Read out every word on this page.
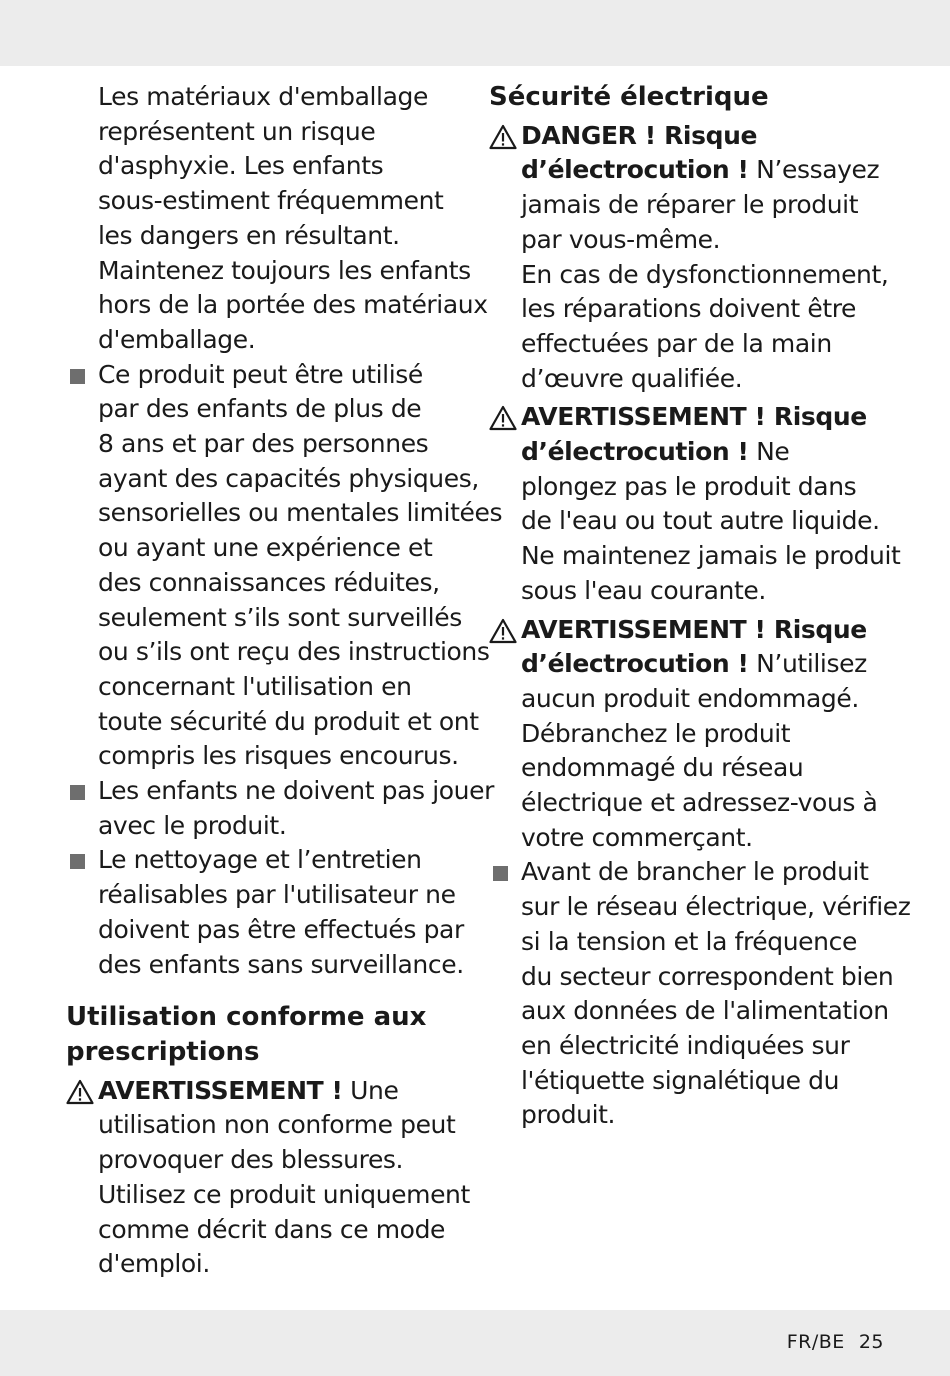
Les matériaux d'emballage
représentent un risque
d'asphyxie. Les enfants
sous-estiment fréquemment
les dangers en résultant.
Maintenez toujours les enfants
hors de la portée des matériaux
d'emballage.
Ce produit peut être utilisé
par des enfants de plus de
8 ans et par des personnes
ayant des capacités physiques,
sensorielles ou mentales limitées
ou ayant une expérience et
des connaissances réduites,
seulement s’ils sont surveillés
ou s’ils ont reçu des instructions
concernant l'utilisation en
toute sécurité du produit et ont
compris les risques encourus.
Les enfants ne doivent pas jouer
avec le produit.
Le nettoyage et l’entretien
réalisables par l'utilisateur ne
doivent pas être effectués par
des enfants sans surveillance.
Utilisation conforme aux
prescriptions
AVERTISSEMENT ! Une
utilisation non conforme peut
provoquer des blessures.
Utilisez ce produit uniquement
comme décrit dans ce mode
d'emploi.
Sécurité électrique
DANGER ! Risque
d’électrocution ! N’essayez
jamais de réparer le produit
par vous-même.
En cas de dysfonctionnement,
les réparations doivent être
effectuées par de la main
d’œuvre qualifiée.
AVERTISSEMENT ! Risque
d’électrocution ! Ne
plongez pas le produit dans
de l'eau ou tout autre liquide.
Ne maintenez jamais le produit
sous l'eau courante.
AVERTISSEMENT ! Risque
d’électrocution ! N’utilisez
aucun produit endommagé.
Débranchez le produit
endommagé du réseau
électrique et adressez-vous à
votre commerçant.
Avant de brancher le produit
sur le réseau électrique, vérifiez
si la tension et la fréquence
du secteur correspondent bien
aux données de l'alimentation
en électricité indiquées sur
l'étiquette signalétique du
produit.
FR/BE 25
